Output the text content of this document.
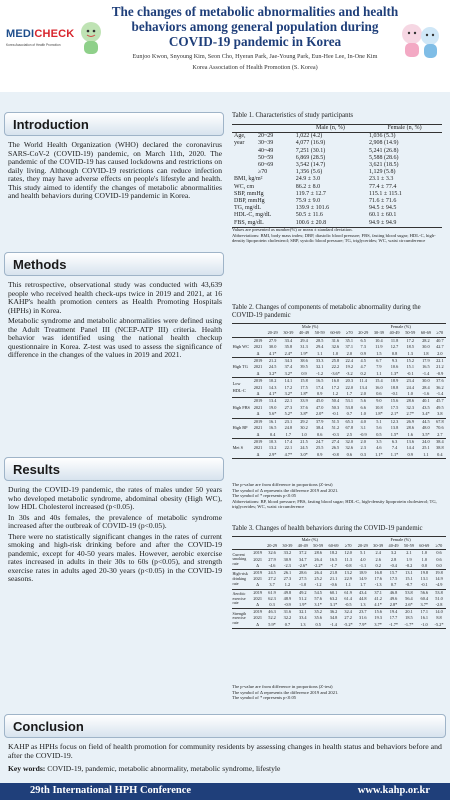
MEDICHECK
Korea Association of Health Promotion
The changes of metabolic abnormalities and health behaviors among general population during COVID-19 pandemic in Korea
Eunjoo Kwon, Snyoung Kim, Seon Cho, Hyeran Park, Jae-Young Park, Eun-Hee Lee, In-One Kim
Korea Association of Health Promotion (S. Korea)
Introduction

The World Health Organization (WHO) declared the coronavirus SARS-CoV-2 (COVID-19) pandemic, on March 11th, 2020. The pandemic of the COVID-19 has caused lockdowns and restrictions on daily living. Although COVID-19 restrictions can reduce infection rates, they may have adverse effects on people's lifestyle and health. This study aimed to identify the changes of metabolic abnormalities and health behaviors during COVID-19 pandemic in Korea.

Methods

This retrospective, observational study was conducted with 43,639 people who received health check-ups twice in 2019 and 2021, at 16 KAHP's health promotion centers as Health Promoting Hospitals (HPHs) in Korea.

Metabolic syndrome and metabolic abnormalities were defined using the Adult Treatment Panel III (NCEP-ATP III) criteria. Health behavior was identified using the national health checkup questionnaire in Korea. Z-test was used to assess the significance of difference in the changes of the values in 2019 and 2021.

Results

During the COVID-19 pandemic, the rates of males under 50 years who developed metabolic syndrome, abdominal obesity (High WC), low HDL Cholesterol increased (p<0.05).

In 30s and 40s females, the prevalence of metabolic syndrome increased after the outbreak of COVID-19 (p<0.05).

There were no statistically significant changes in the rates of current smoking and high-risk drinking before and after the COVID-19 pandemic, except for 40-50 years males. However, aerobic exercise rates increased in adults in their 30s to 60s (p<0.05), and strength exercise rates in adults aged 20-30 years (p<0.05) in the COVID-19 seasons.

Table 1. Characteristics of study participants
		Male (n, %)	Female (n, %)
Age, year	20~29	1,022 (4.2)	1,036 (5.3)
	30~39	4,077 (16.9)	2,908 (14.9)
	40~49	7,251 (30.1)	5,241 (26.8)
	50~59	6,869 (28.5)	5,588 (28.6)
	60~69	3,542 (14.7)	3,621 (18.5)
	≥70	1,356 (5.6)	1,129 (5.8)
BMI, kg/m²		24.9 ± 3.0	23.1 ± 3.3
WC, cm		86.2 ± 8.0	77.4 ± 77.4
SBP, mmHg		119.7 ± 12.7	115.1 ± 115.1
DBP, mmHg		75.9 ± 9.0	71.6 ± 71.6
TG, mg/dL		139.9 ± 101.6	94.5 ± 94.5
HDL-C, mg/dL		50.5 ± 11.6	60.1 ± 60.1
FBS, mg/dL		100.6 ± 20.8	94.9 ± 94.9
Values are presented as number(%) or mean ± standard deviation.
Abbreviations: BMI, body mass index; DBP, diastolic blood pressure; FBS, fasting blood sugar; HDL-C, high-density lipoprotein cholesterol; SBP, systolic blood pressure; TG, triglycerides; WC, waist circumference
Table 2. Changes of components of metabolic abnormality during the COVID-19 pandemic
		Male (%)						Female (%)					
		20-29	30-39	40-49	50-59	60-69	≥70	20-29	30-39	40-49	50-59	60-69	≥70
High WC	2019	27.9	33.4	29.4	28.5	31.6	35.1	6.5	10.4	11.8	17.2	28.2	40.7
	2021	30.0	35.8	31.3	29.4	32.6	37.1	7.3	11.9	12.7	18.5	30.0	42.7
	Δ	4.1*	2.4*	1.9*	1.1	1.0	2.0	0.9	1.5	0.8	1.3	1.8	2.0
High TG	2019	21.2	34.3	38.6	33.3	25.8	22.4	4.5	6.7	9.3	15.2	17.9	22.1
	2021	24.5	37.4	39.5	32.1	22.2	19.2	4.7	7.9	10.6	15.1	16.5	21.2
	Δ	3.2*	3.2*	0.9	-1.2	-3.6*	-3.2	0.2	1.1	1.3*	-0.1	-1.4	-0.9
Low HDL-C	2019	10.2	14.1	15.8	16.5	16.0	20.3	11.4	15.4	18.9	23.4	30.0	37.6
	2021	14.3	17.2	17.5	17.4	17.2	22.0	13.4	16.0	18.8	24.4	28.4	36.2
	Δ	4.1*	3.2*	1.8*	0.9	1.2	1.7	2.0	0.6	-0.1	1.0	-1.6	-1.4
High FBS	2019	13.4	22.1	33.9	45.0	50.4	53.1	5.6	9.0	15.6	28.6	40.1	45.7
	2021	19.0	27.3	37.6	47.0	50.3	53.8	6.6	10.8	17.5	32.3	43.5	49.5
	Δ	5.6*	5.2*	3.8*	2.0*	-0.1	0.7	1.0	1.8*	2.1*	2.7*	3.4*	3.8
High BP	2019	16.1	23.1	29.2	37.9	51.5	65.3	4.0	5.1	12.3	26.9	44.5	67.8
	2021	16.5	24.8	30.2	38.4	51.2	67.8	3.1	5.6	13.8	28.6	48.0	70.6
	Δ	0.4	1.7	1.0	0.6	-0.3	2.5	-0.9	0.5	1.5*	1.6	3.5*	2.7
Met S	2019	10.3	17.4	21.5	24.7	27.4	32.0	2.0	3.5	6.3	13.6	24.0	38.4
	2021	13.2	22.1	24.5	25.5	26.5	32.6	2.3	4.6	7.4	14.4	25.1	38.8
	Δ	2.9*	4.7*	3.0*	0.9	-0.8	0.6	0.3	1.1*	1.1*	0.9	1.1	0.4
The p-value are from difference in proportions (Z-test)
The symbol of Δ represents the difference 2019 and 2021.
The symbol of * represents p<0.05
Abbreviations: BP, blood pressure; FBS, fasting blood sugar; HDL-C, high-density lipoprotein cholesterol; TG, triglycerides; WC, waist circumference
Table 3. Changes of health behaviors during the COVID-19 pandemic
		Male (%)						Female (%)					
		20-29	30-39	40-49	50-59	60-69	≥70	20-29	30-39	40-49	50-59	60-69	≥70
Current smoking rate	2019	32.6	33.2	37.2	28.6	18.2	12.0	5.1	2.4	3.2	2.1	1.0	0.6
	2021	27.9	30.9	34.7	26.4	16.5	11.3	4.0	2.6	2.8	1.9	1.0	0.6
	Δ	-4.6	-2.3	-2.6*	-2.2*	-1.7	-0.8	-1.1	0.2	-0.4	-0.2	0.0	0.0
High-risk drinking rate	2019	24.5	26.1	28.6	26.4	21.8	13.2	18.9	16.8	15.7	13.1	19.8	19.8
	2021	27.2	27.3	27.5	25.2	21.1	22.9	14.9	17.6	17.5	15.1	13.1	14.9
	Δ	3.7	1.2	-1.0	-1.2	-0.6	1.1	1.7	-1.3	0.7	-0.7	-0.1	-4.9
Aerobic exercise rate	2019	61.9	49.8	49.2	54.5	60.1	61.9	43.4	37.1	46.8	53.8	56.6	53.8
	2021	62.3	48.9	51.2	57.6	63.2	61.4	44.8	41.2	49.6	56.4	60.4	51.0
	Δ	0.3	-0.9	1.9*	3.1*	3.1*	-0.5	1.3	4.1*	2.8*	2.6*	3.7*	-2.8
Strength exercise rate	2019	46.3	31.6	32.1	35.2	36.2	32.4	23.7	15.6	19.4	20.1	17.1	14.0
	2021	52.2	32.2	33.4	35.6	34.8	27.2	31.6	19.3	17.7	18.5	16.1	8.8
	Δ	5.9*	0.7	1.3	0.5	-1.4	-5.2*	7.9*	3.7*	-1.7*	-1.7*	-1.0	-5.2*
The p-value are from difference in proportions (Z-test)
The symbol of Δ represents the difference 2019 and 2021.
The symbol of * represents p<0.05
Conclusion
KAHP as HPHs focus on field of health promotion for community residents by assessing changes in health status and behaviors before and after the COVID-19.
Key words: COVID-19, pandemic, metabolic abnormality, metabolic syndrome, lifestyle
29th International HPH Conference	www.kahp.or.kr
